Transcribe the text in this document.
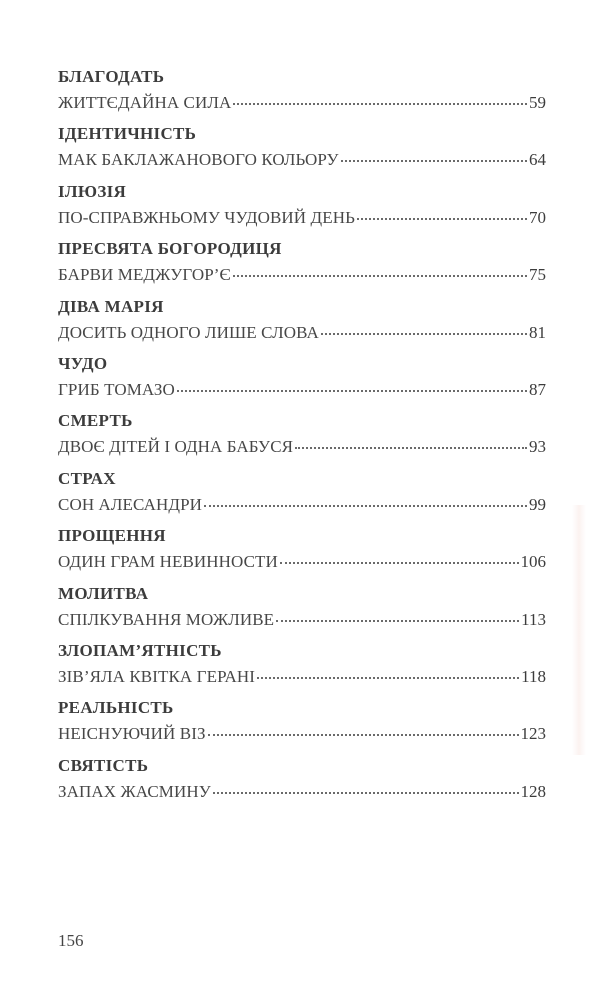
БЛАГОДАТЬ
ЖИТТЄДАЙНА СИЛА	59
ІДЕНТИЧНІСТЬ
МАК БАКЛАЖАНОВОГО КОЛЬОРУ	64
ІЛЮЗІЯ
ПО-СПРАВЖНЬОМУ ЧУДОВИЙ ДЕНЬ	70
ПРЕСВЯТА БОГОРОДИЦЯ
БАРВИ МЕДЖУГОР’Є	75
ДІВА МАРІЯ
ДОСИТЬ ОДНОГО ЛИШЕ СЛОВА	81
ЧУДО
ГРИБ ТОМАЗО	87
СМЕРТЬ
ДВОЄ ДІТЕЙ І ОДНА БАБУСЯ	93
СТРАХ
СОН АЛЕСАНДРИ	99
ПРОЩЕННЯ
ОДИН ГРАМ НЕВИННОСТИ	106
МОЛИТВА
СПІЛКУВАННЯ МОЖЛИВЕ	113
ЗЛОПАМ’ЯТНІСТЬ
ЗІВ’ЯЛА КВІТКА ГЕРАНІ	118
РЕАЛЬНІСТЬ
НЕІСНУЮЧИЙ ВІЗ	123
СВЯТІСТЬ
ЗАПАХ ЖАСМИНУ	128
156
